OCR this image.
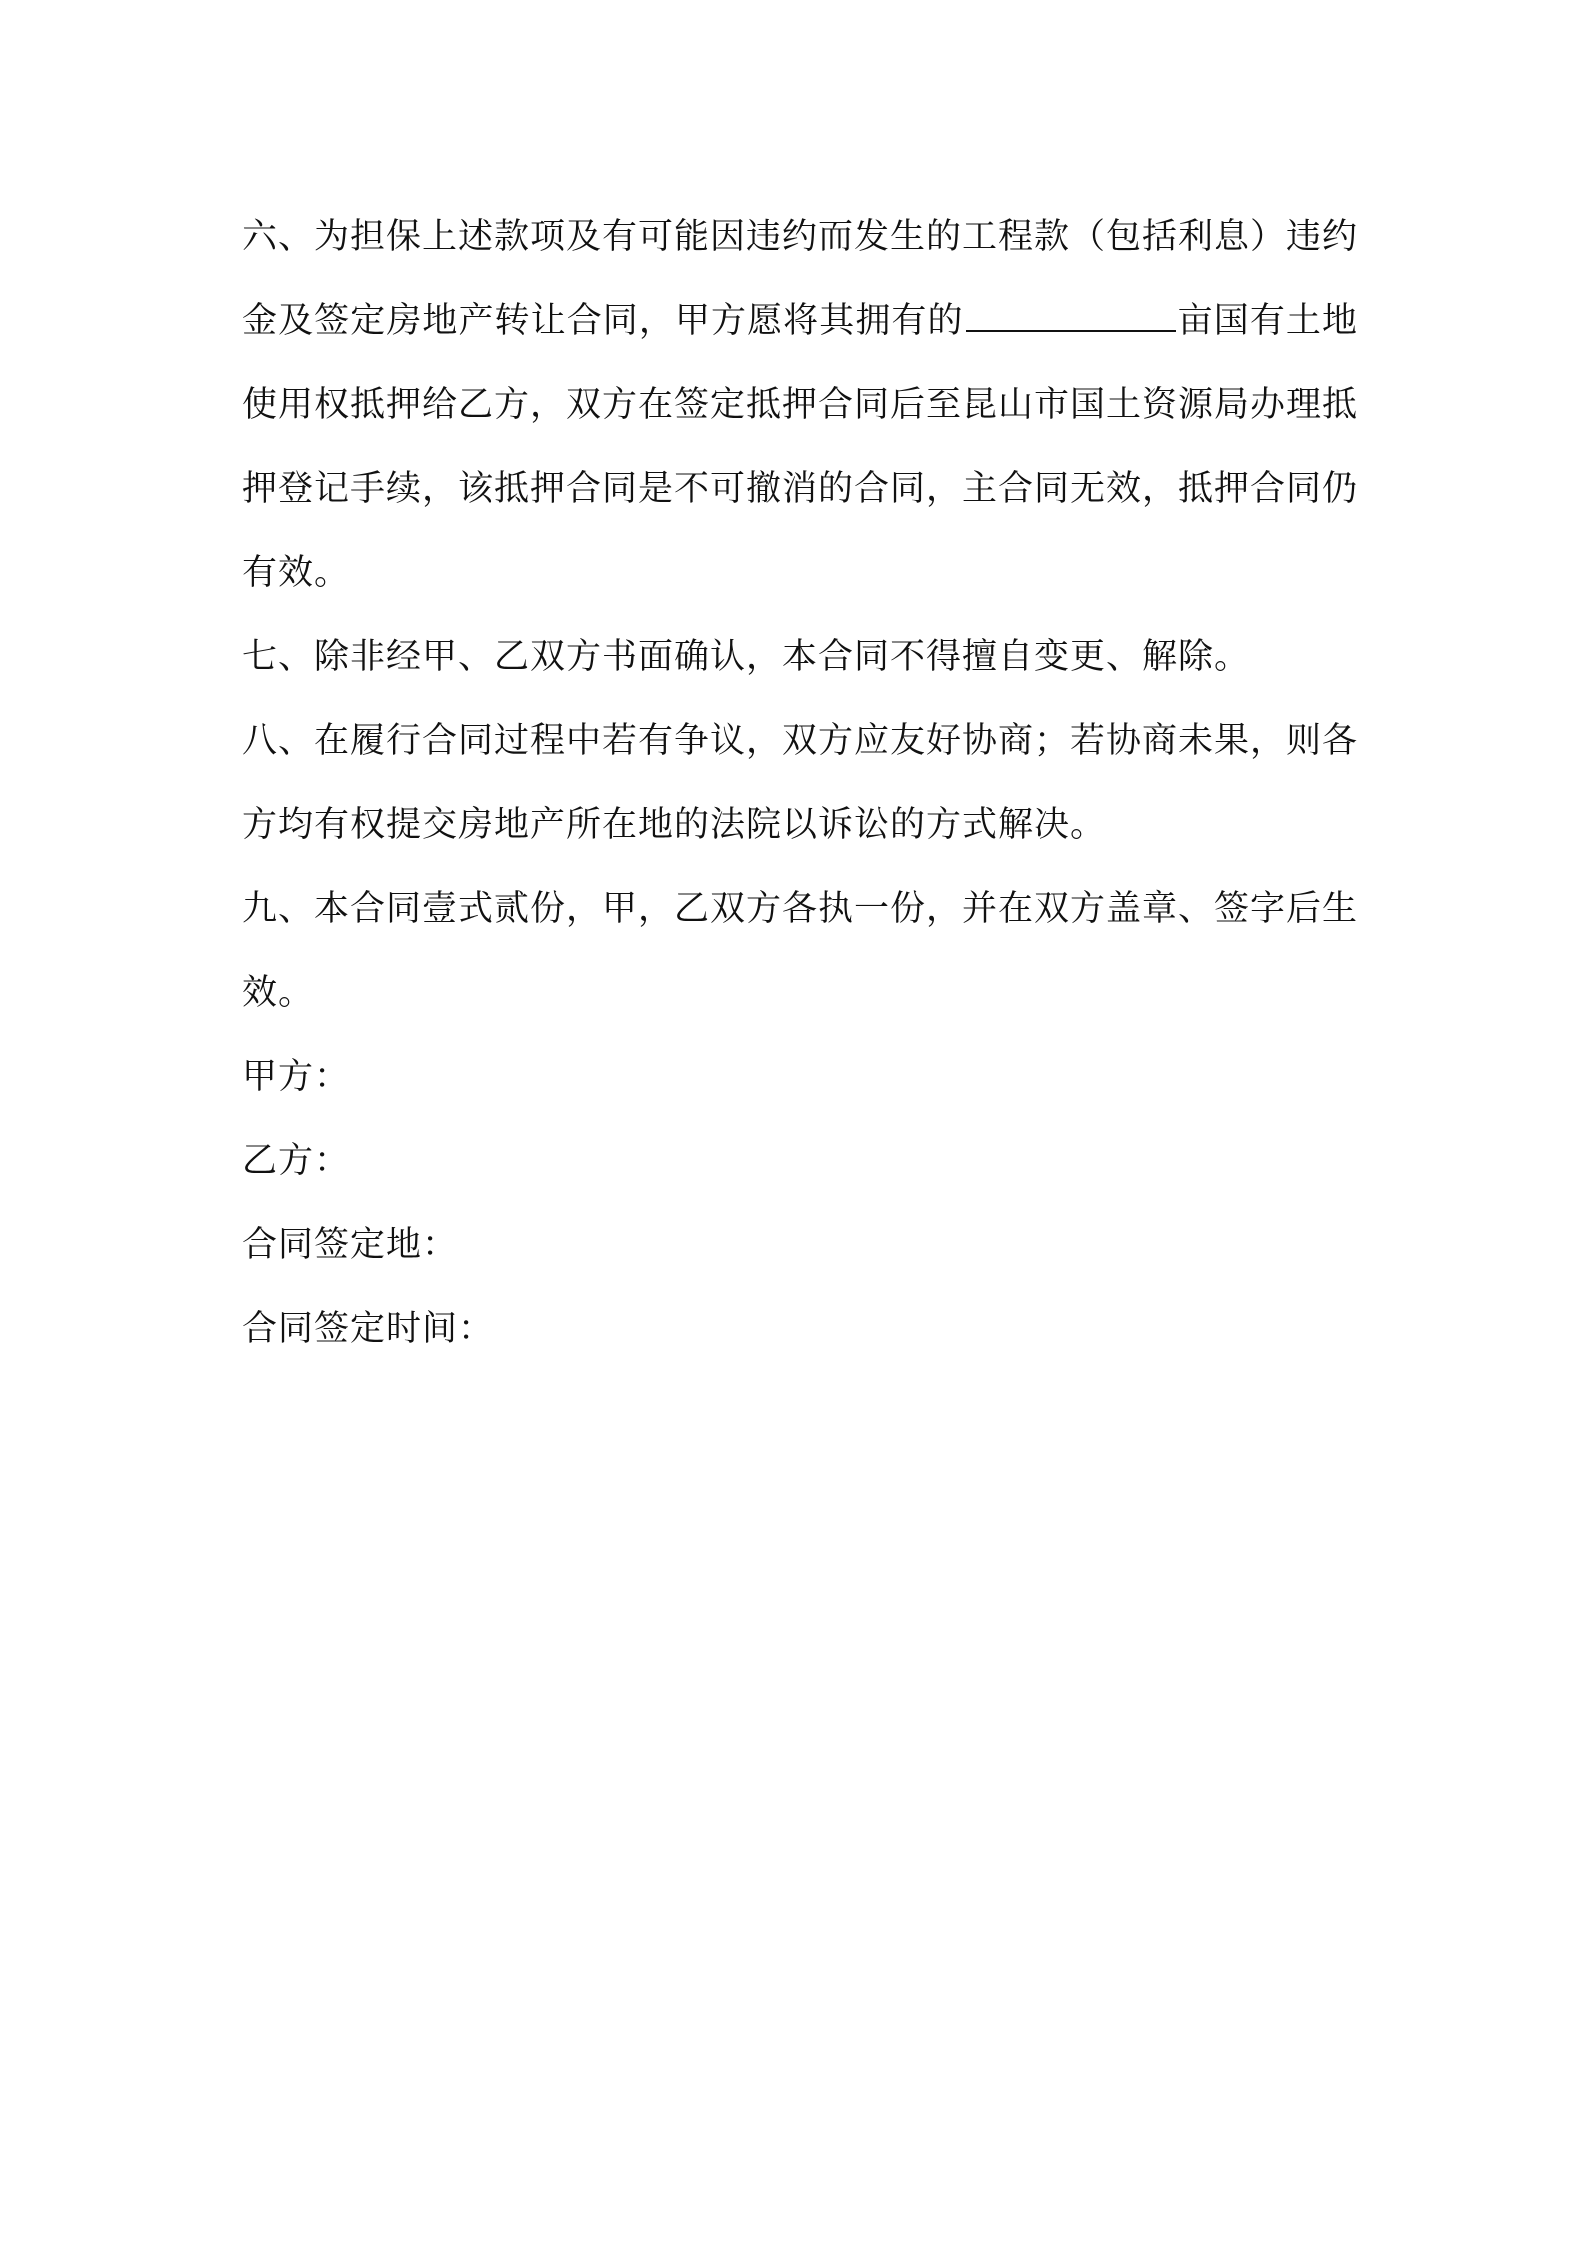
六、为担保上述款项及有可能因违约而发生的工程款（包括利息）违约金及签定房地产转让合同，甲方愿将其拥有的	亩国有土地使用权抵押给乙方，双方在签定抵押合同后至昆山市国土资源局办理抵押登记手续，该抵押合同是不可撤消的合同，主合同无效，抵押合同仍有效。

七、除非经甲、乙双方书面确认，本合同不得擅自变更、解除。

八、在履行合同过程中若有争议，双方应友好协商；若协商未果，则各方均有权提交房地产所在地的法院以诉讼的方式解决。

九、本合同壹式贰份，甲，乙双方各执一份，并在双方盖章、签字后生效。

甲方：

乙方：

合同签定地：

合同签定时间：
